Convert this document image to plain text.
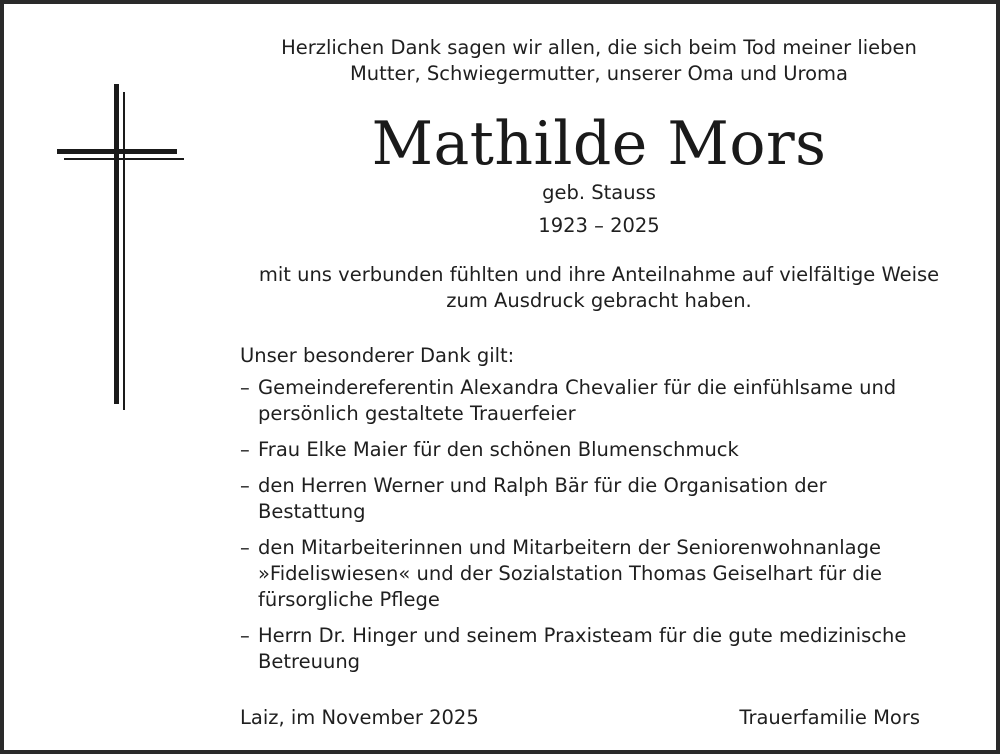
Herzlichen Dank sagen wir allen, die sich beim Tod meiner lieben
Mutter, Schwiegermutter, unserer Oma und Uroma
Mathilde Mors
geb. Stauss
1923 – 2025
mit uns verbunden fühlten und ihre Anteilnahme auf vielfältige Weise
zum Ausdruck gebracht haben.
Unser besonderer Dank gilt:
– Gemeindereferentin Alexandra Chevalier für die einfühlsame und
persönlich gestaltete Trauerfeier
– Frau Elke Maier für den schönen Blumenschmuck
– den Herren Werner und Ralph Bär für die Organisation der
Bestattung
– den Mitarbeiterinnen und Mitarbeitern der Seniorenwohnanlage
»Fideliswiesen« und der Sozialstation Thomas Geiselhart für die
fürsorgliche Pflege
– Herrn Dr. Hinger und seinem Praxisteam für die gute medizinische
Betreuung
Laiz, im November 2025	Trauerfamilie Mors
